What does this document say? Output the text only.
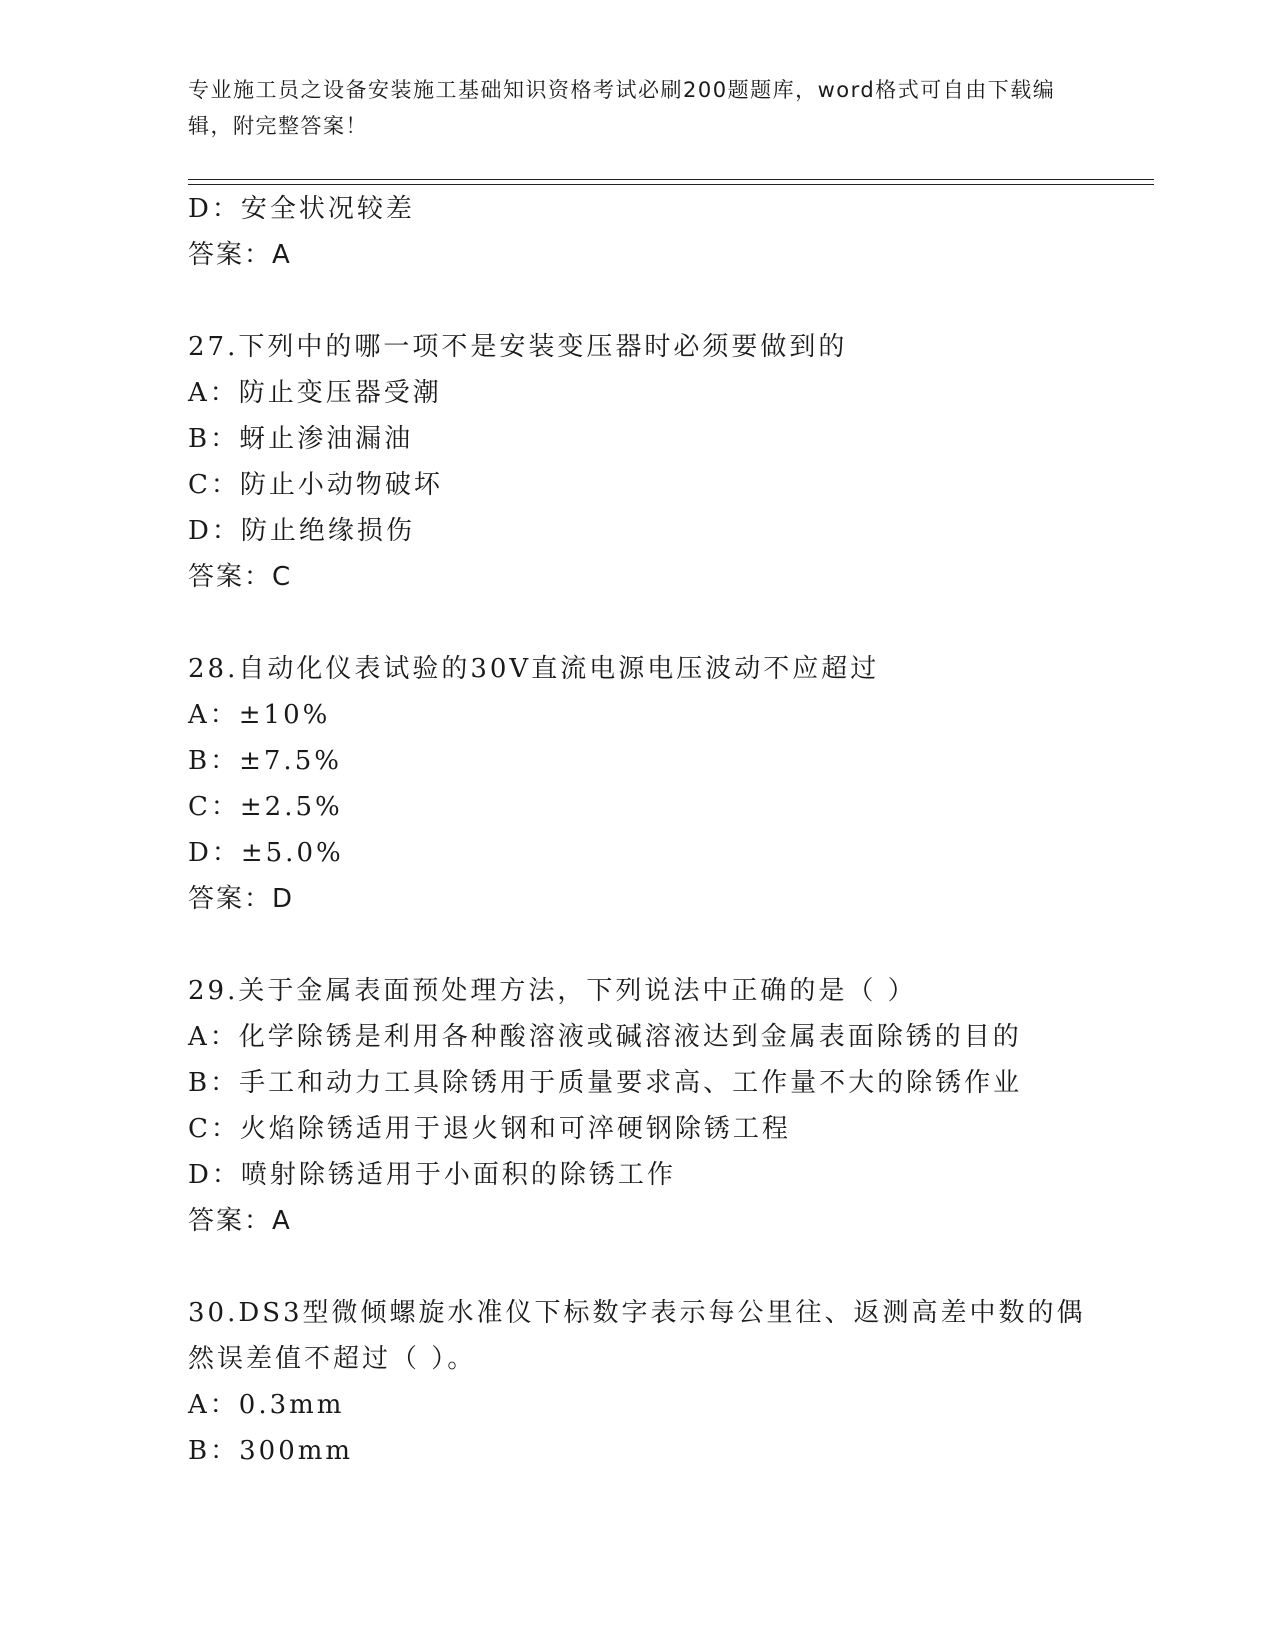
专业施工员之设备安装施工基础知识资格考试必刷200题题库，word格式可自由下载编辑，附完整答案！
D：安全状况较差
答案：A
27.下列中的哪一项不是安装变压器时必须要做到的
A：防止变压器受潮
B：蚜止渗油漏油
C：防止小动物破坏
D：防止绝缘损伤
答案：C
28.自动化仪表试验的30V直流电源电压波动不应超过
A：±10%
B：±7.5%
C：±2.5%
D：±5.0%
答案：D
29.关于金属表面预处理方法，下列说法中正确的是（ ）
A：化学除锈是利用各种酸溶液或碱溶液达到金属表面除锈的目的
B：手工和动力工具除锈用于质量要求高、工作量不大的除锈作业
C：火焰除锈适用于退火钢和可淬硬钢除锈工程
D：喷射除锈适用于小面积的除锈工作
答案：A
30.DS3型微倾螺旋水准仪下标数字表示每公里往、返测高差中数的偶然误差值不超过（ ）。
A：0.3mm
B：300mm
